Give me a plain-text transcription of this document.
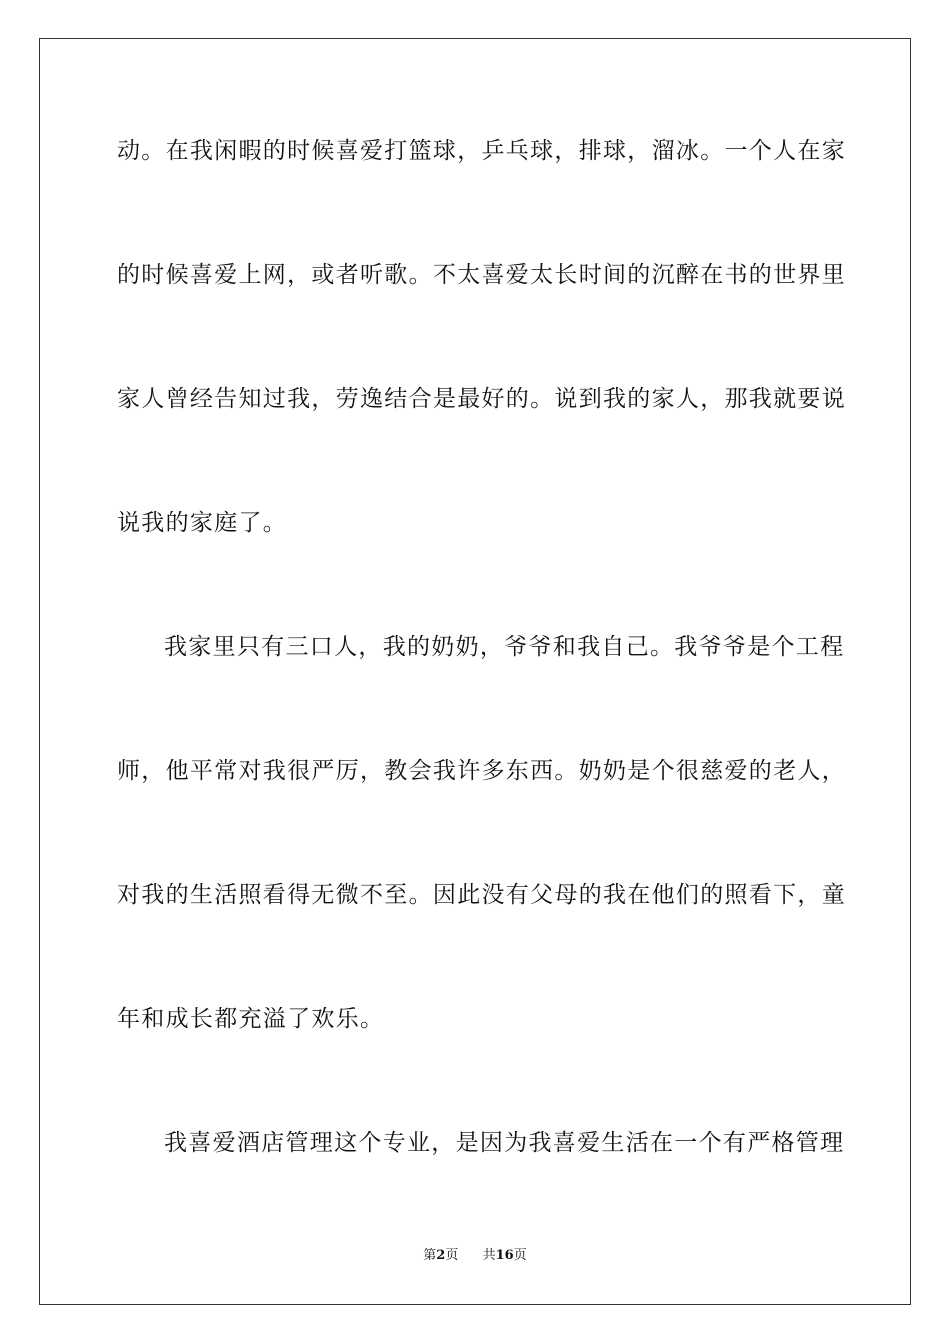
动。在我闲暇的时候喜爱打篮球，乒乓球，排球，溜冰。一个人在家
的时候喜爱上网，或者听歌。不太喜爱太长时间的沉醉在书的世界里
家人曾经告知过我，劳逸结合是最好的。说到我的家人，那我就要说
说我的家庭了。
我家里只有三口人，我的奶奶，爷爷和我自己。我爷爷是个工程
师，他平常对我很严厉，教会我许多东西。奶奶是个很慈爱的老人，
对我的生活照看得无微不至。因此没有父母的我在他们的照看下，童
年和成长都充溢了欢乐。
我喜爱酒店管理这个专业，是因为我喜爱生活在一个有严格管理
第2页 共16页
